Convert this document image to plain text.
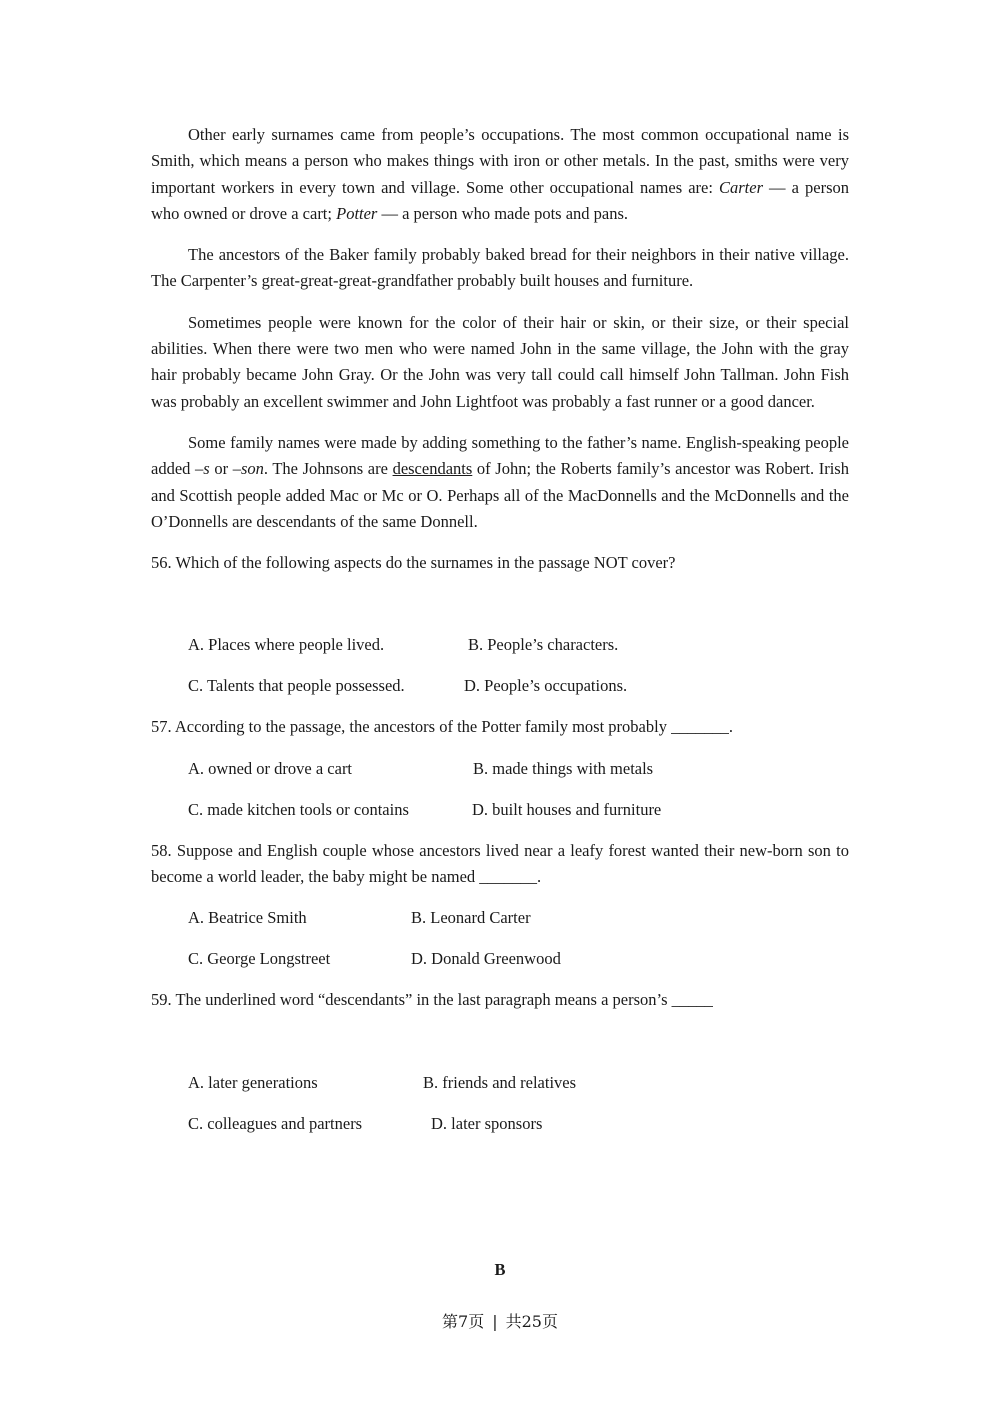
Other early surnames came from people’s occupations. The most common occupational name is Smith, which means a person who makes things with iron or other metals. In the past, smiths were very important workers in every town and village. Some other occupational names are: Carter — a person who owned or drove a cart; Potter — a person who made pots and pans.

The ancestors of the Baker family probably baked bread for their neighbors in their native village. The Carpenter’s great-great-great-grandfather probably built houses and furniture.

Sometimes people were known for the color of their hair or skin, or their size, or their special abilities. When there were two men who were named John in the same village, the John with the gray hair probably became John Gray. Or the John was very tall could call himself John Tallman. John Fish was probably an excellent swimmer and John Lightfoot was probably a fast runner or a good dancer.

Some family names were made by adding something to the father’s name. English-speaking people added –s or –son. The Johnsons are descendants of John; the Roberts family’s ancestor was Robert. Irish and Scottish people added Mac or Mc or O. Perhaps all of the MacDonnells and the McDonnells and the O’Donnells are descendants of the same Donnell.

56. Which of the following aspects do the surnames in the passage NOT cover?

A. Places where people lived.	B. People’s characters.
C. Talents that people possessed.	D. People’s occupations.

57. According to the passage, the ancestors of the Potter family most probably _______.

A. owned or drove a cart	B. made things with metals
C. made kitchen tools or contains	D. built houses and furniture

58. Suppose and English couple whose ancestors lived near a leafy forest wanted their new-born son to become a world leader, the baby might be named _______.

A. Beatrice Smith	B. Leonard Carter
C. George Longstreet	D. Donald Greenwood

59. The underlined word “descendants” in the last paragraph means a person’s _____

A. later generations	B. friends and relatives
C. colleagues and partners	D. later sponsors
B
第7页 | 共25页
